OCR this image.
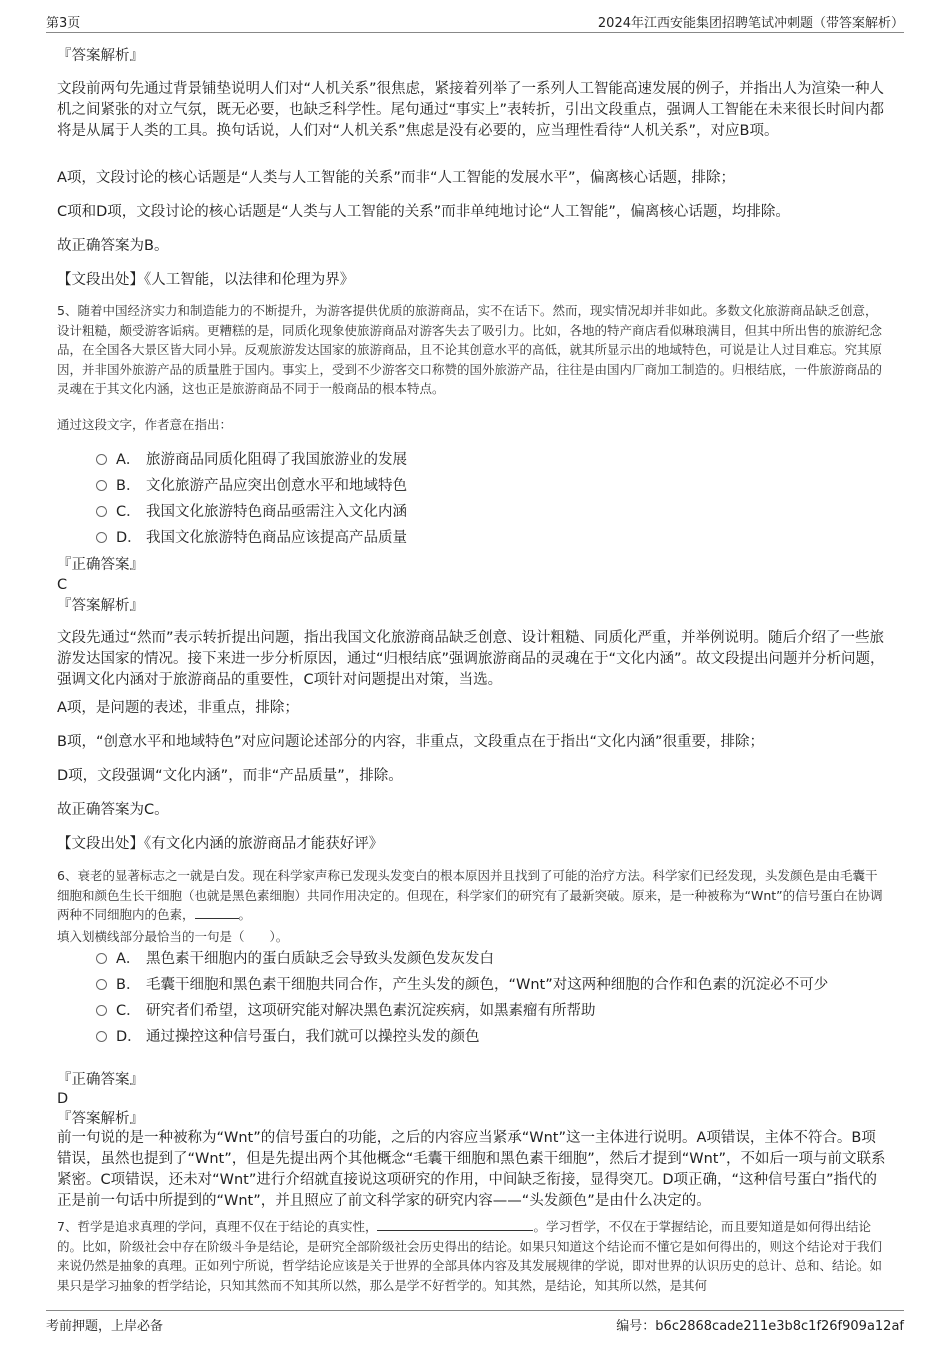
第3页	2024年江西安能集团招聘笔试冲刺题（带答案解析）

『答案解析』

文段前两句先通过背景铺垫说明人们对“人机关系”很焦虑，紧接着列举了一系列人工智能高速发展的例子，并指出人为渲染一种人机之间紧张的对立气氛，既无必要，也缺乏科学性。尾句通过“事实上”表转折，引出文段重点，强调人工智能在未来很长时间内都将是从属于人类的工具。换句话说，人们对“人机关系”焦虑是没有必要的，应当理性看待“人机关系”，对应B项。

A项，文段讨论的核心话题是“人类与人工智能的关系”而非“人工智能的发展水平”，偏离核心话题，排除；

C项和D项，文段讨论的核心话题是“人类与人工智能的关系”而非单纯地讨论“人工智能”，偏离核心话题，均排除。

故正确答案为B。

【文段出处】《人工智能，以法律和伦理为界》

5、随着中国经济实力和制造能力的不断提升，为游客提供优质的旅游商品，实不在话下。然而，现实情况却并非如此。多数文化旅游商品缺乏创意，设计粗糙，颇受游客诟病。更糟糕的是，同质化现象使旅游商品对游客失去了吸引力。比如，各地的特产商店看似琳琅满目，但其中所出售的旅游纪念品，在全国各大景区皆大同小异。反观旅游发达国家的旅游商品，且不论其创意水平的高低，就其所显示出的地域特色，可说是让人过目难忘。究其原因，并非国外旅游产品的质量胜于国内。事实上，受到不少游客交口称赞的国外旅游产品，往往是由国内厂商加工制造的。归根结底，一件旅游商品的灵魂在于其文化内涵，这也正是旅游商品不同于一般商品的根本特点。

通过这段文字，作者意在指出：

A． 旅游商品同质化阻碍了我国旅游业的发展
B． 文化旅游产品应突出创意水平和地域特色
C． 我国文化旅游特色商品亟需注入文化内涵
D． 我国文化旅游特色商品应该提高产品质量

『正确答案』

C

『答案解析』

文段先通过“然而”表示转折提出问题，指出我国文化旅游商品缺乏创意、设计粗糙、同质化严重，并举例说明。随后介绍了一些旅游发达国家的情况。接下来进一步分析原因，通过“归根结底”强调旅游商品的灵魂在于“文化内涵”。故文段提出问题并分析问题，强调文化内涵对于旅游商品的重要性，C项针对问题提出对策，当选。

A项，是问题的表述，非重点，排除；

B项，“创意水平和地域特色”对应问题论述部分的内容，非重点，文段重点在于指出“文化内涵”很重要，排除；

D项，文段强调“文化内涵”，而非“产品质量”，排除。

故正确答案为C。

【文段出处】《有文化内涵的旅游商品才能获好评》

6、衰老的显著标志之一就是白发。现在科学家声称已发现头发变白的根本原因并且找到了可能的治疗方法。科学家们已经发现，头发颜色是由毛囊干细胞和颜色生长干细胞（也就是黑色素细胞）共同作用决定的。但现在，科学家们的研究有了最新突破。原来，是一种被称为“Wnt”的信号蛋白在协调两种不同细胞内的色素，	。

填入划横线部分最恰当的一句是（　　）。

A． 黑色素干细胞内的蛋白质缺乏会导致头发颜色发灰发白
B． 毛囊干细胞和黑色素干细胞共同合作，产生头发的颜色，“Wnt”对这两种细胞的合作和色素的沉淀必不可少
C． 研究者们希望，这项研究能对解决黑色素沉淀疾病，如黑素瘤有所帮助
D． 通过操控这种信号蛋白，我们就可以操控头发的颜色

『正确答案』

D

『答案解析』

前一句说的是一种被称为“Wnt”的信号蛋白的功能，之后的内容应当紧承“Wnt”这一主体进行说明。A项错误，主体不符合。B项错误，虽然也提到了“Wnt”，但是先提出两个其他概念“毛囊干细胞和黑色素干细胞”，然后才提到“Wnt”，不如后一项与前文联系紧密。C项错误，还未对“Wnt”进行介绍就直接说这项研究的作用，中间缺乏衔接，显得突兀。D项正确，“这种信号蛋白”指代的正是前一句话中所提到的“Wnt”，并且照应了前文科学家的研究内容——“头发颜色”是由什么决定的。

7、哲学是追求真理的学问，真理不仅在于结论的真实性，	。学习哲学，不仅在于掌握结论，而且要知道是如何得出结论的。比如，阶级社会中存在阶级斗争是结论，是研究全部阶级社会历史得出的结论。如果只知道这个结论而不懂它是如何得出的，则这个结论对于我们来说仍然是抽象的真理。正如列宁所说，哲学结论应该是关于世界的全部具体内容及其发展规律的学说，即对世界的认识历史的总计、总和、结论。如果只是学习抽象的哲学结论，只知其然而不知其所以然，那么是学不好哲学的。知其然，是结论，知其所以然，是其何

考前押题，上岸必备	编号：b6c2868cade211e3b8c1f26f909a12af
